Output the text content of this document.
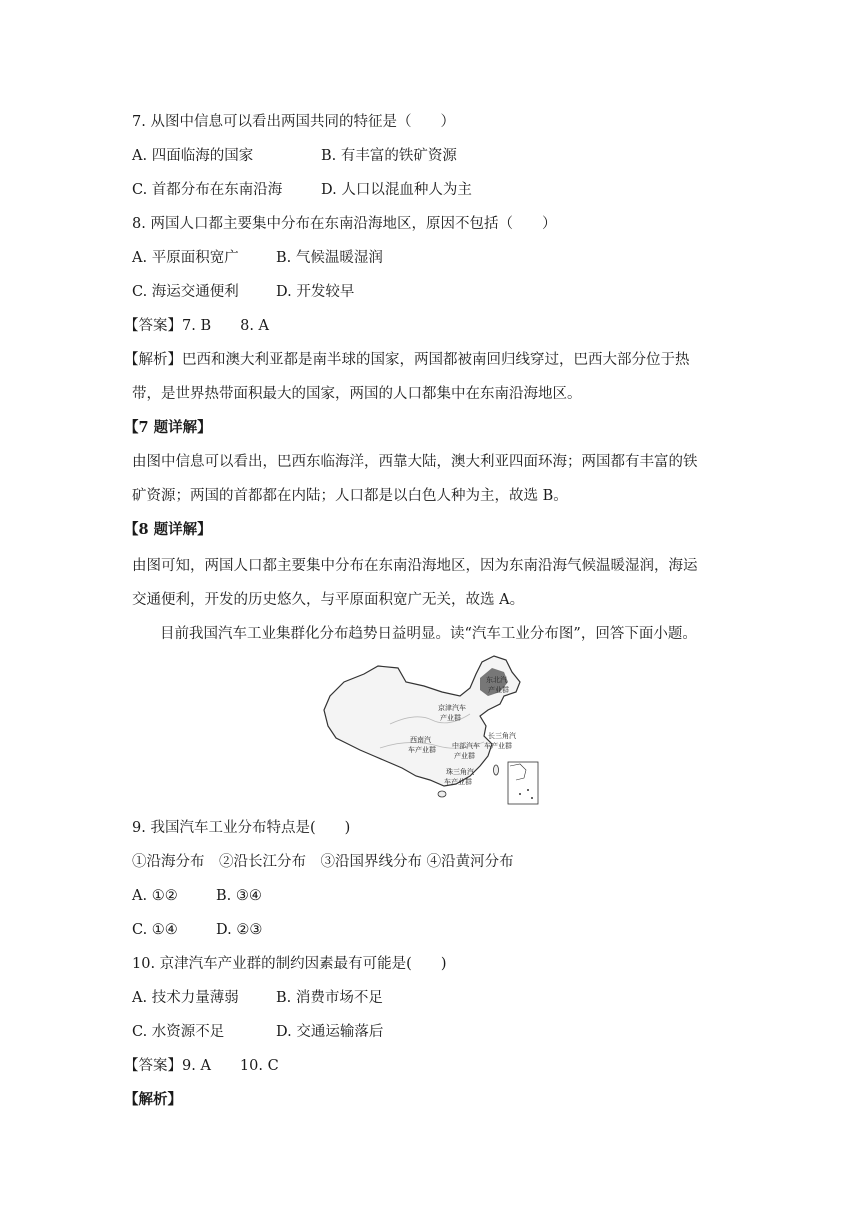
7. 从图中信息可以看出两国共同的特征是（　　）
A. 四面临海的国家	B. 有丰富的铁矿资源
C. 首都分布在东南沿海	D. 人口以混血种人为主
8. 两国人口都主要集中分布在东南沿海地区，原因不包括（　　）
A. 平原面积宽广	B. 气候温暖湿润
C. 海运交通便利	D. 开发较早
【答案】7. B　　8. A
【解析】巴西和澳大利亚都是南半球的国家，两国都被南回归线穿过，巴西大部分位于热
带，是世界热带面积最大的国家，两国的人口都集中在东南沿海地区。
【7 题详解】
由图中信息可以看出，巴西东临海洋，西靠大陆，澳大利亚四面环海；两国都有丰富的铁
矿资源；两国的首都都在内陆；人口都是以白色人种为主，故选 B。
【8 题详解】
由图可知，两国人口都主要集中分布在东南沿海地区，因为东南沿海气候温暖湿润，海运
交通便利，开发的历史悠久，与平原面积宽广无关，故选 A。
目前我国汽车工业集群化分布趋势日益明显。读“汽车工业分布图”，回答下面小题。
东北汽
产业群
京津汽车
产业群
西南汽
车产业群 中部汽车
产业群
长三角汽
车产业群
珠三角汽
车产业群
9. 我国汽车工业分布特点是(　　)
①沿海分布　②沿长江分布　③沿国界线分布 ④沿黄河分布
A. ①②	B. ③④
C. ①④	D. ②③
10. 京津汽车产业群的制约因素最有可能是(　　)
A. 技术力量薄弱	B. 消费市场不足
C. 水资源不足	D. 交通运输落后
【答案】9. A　　10. C
【解析】
